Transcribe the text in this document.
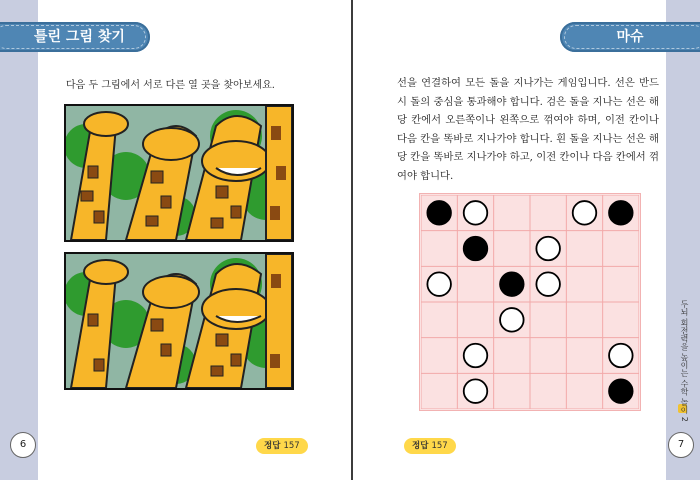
틀린 그림 찾기
다음 두 그림에서 서로 다른 열 곳을 찾아보세요.
6	정답 157
마슈
선을 연결하여 모든 돌을 지나가는 게임입니다. 선은 반드시 돌의 중심을 통과해야 합니다. 검은 돌을 지나는 선은 해당 칸에서 오른쪽이나 왼쪽으로 꺾여야 하며, 이전 칸이나 다음 칸을 똑바로 지나가야 합니다. 흰 돌을 지나는 선은 해당 칸을 똑바로 지나가야 하고, 이전 칸이나 다음 칸에서 꺾여야 합니다.
7
정답 157
두뇌 회전력을 높이는 수학 놀이 2
